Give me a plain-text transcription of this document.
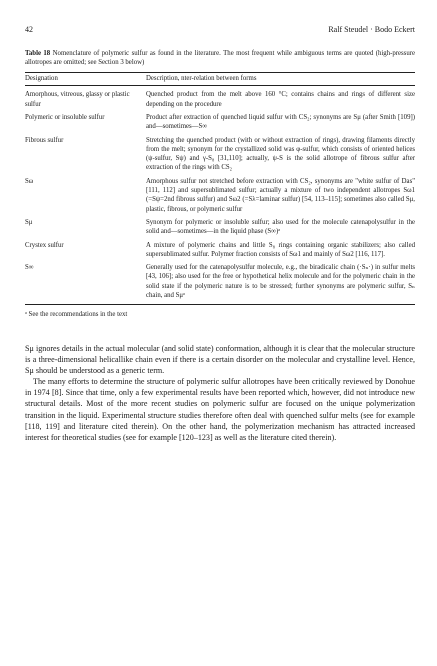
42	Ralf Steudel · Bodo Eckert
Table 18 Nomenclature of polymeric sulfur as found in the literature. The most frequent while ambiguous terms are quoted (high-pressure allotropes are omitted; see Section 3 below)
Designation	Description, nter-relation between forms
Amorphous, vitreous, glassy or plastic sulfur	Quenched product from the melt above 160 °C; contains chains and rings of different size depending on the procedure
Polymeric or insoluble sulfur	Product after extraction of quenched liquid sulfur with CS₂; synonyms are Sμ (after Smith [109]) and—sometimes—S∞
Fibrous sulfur	Stretching the quenched product (with or without extraction of rings), drawing filaments directly from the melt; synonym for the crystallized solid was φ-sulfur, which consists of oriented helices (ψ-sulfur, Sψ) and γ-S₈ [31,110]; actually, ψ-S is the solid allotrope of fibrous sulfur after extraction of the rings with CS₂
Sω	Amorphous sulfur not stretched before extraction with CS₂, synonyms are "white sulfur of Das" [111, 112] and supersublimated sulfur; actually a mixture of two independent allotropes Sω1 (=Sψ=2nd fibrous sulfur) and Sω2 (=Sλ=laminar sulfur) [54, 113–115]; sometimes also called Sμ, plastic, fibrous, or polymeric sulfur
Sμ	Synonym for polymeric or insoluble sulfur; also used for the molecule catenapolysulfur in the solid and—sometimes—in the liquid phase (S∞)ᵃ
Crystex sulfur	A mixture of polymeric chains and little S₈ rings containing organic stabilizers; also called supersublimated sulfur. Polymer fraction consists of Sω1 and mainly of Sω2 [116, 117].
S∞	Generally used for the catenapolysulfur molecule, e.g., the biradicalic chain (·Sₙ·) in sulfur melts [43, 106]; also used for the free or hypothetical helix molecule and for the polymeric chain in the solid state if the polymeric nature is to be stressed; further synonyms are polymeric sulfur, Sₙ chain, and Sμᵃ
ᵃ See the recommendations in the text

Sμ ignores details in the actual molecular (and solid state) conformation, although it is clear that the molecular structure is a three-dimensional helicallike chain even if there is a certain disorder on the molecular and crystalline level. Hence, Sμ should be understood as a generic term.

The many efforts to determine the structure of polymeric sulfur allotropes have been critically reviewed by Donohue in 1974 [8]. Since that time, only a few experimental results have been reported which, however, did not introduce new structural details. Most of the more recent studies on polymeric sulfur are focused on the unique polymerization transition in the liquid. Experimental structure studies therefore often deal with quenched sulfur melts (see for example [118, 119] and literature cited therein). On the other hand, the polymerization mechanism has attracted increased interest for theoretical studies (see for example [120–123] as well as the literature cited therein).
